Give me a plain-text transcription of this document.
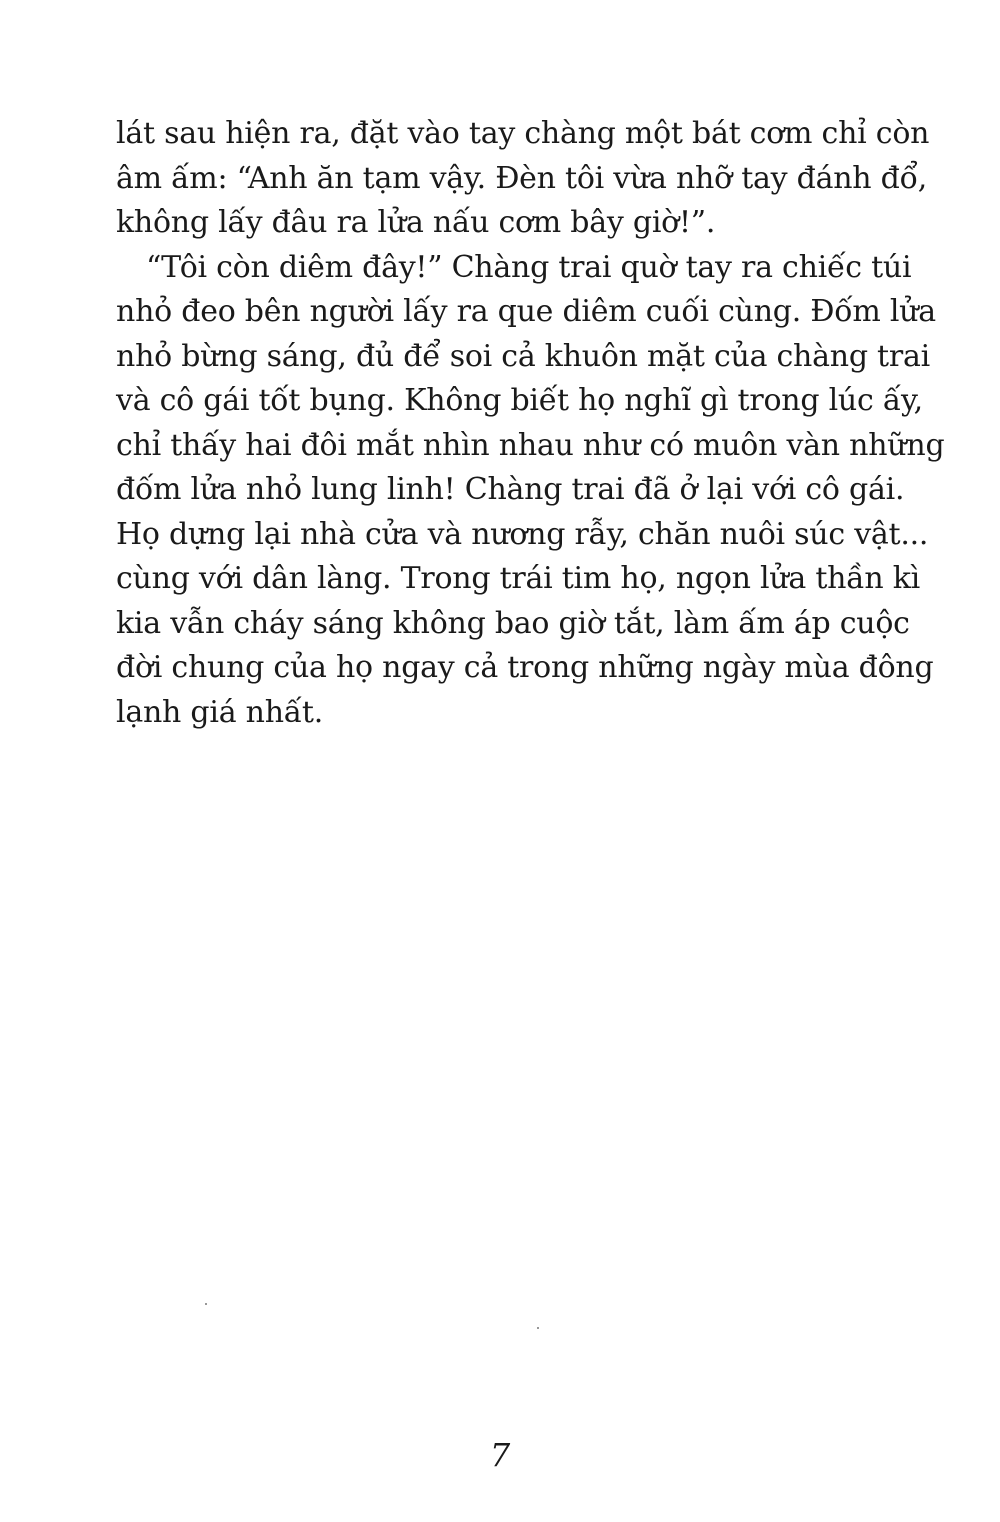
lát sau hiện ra, đặt vào tay chàng một bát cơm chỉ còn
âm ấm: “Anh ăn tạm vậy. Đèn tôi vừa nhỡ tay đánh đổ,
không lấy đâu ra lửa nấu cơm bây giờ!”.
“Tôi còn diêm đây!” Chàng trai quờ tay ra chiếc túi
nhỏ đeo bên người lấy ra que diêm cuối cùng. Đốm lửa
nhỏ bừng sáng, đủ để soi cả khuôn mặt của chàng trai
và cô gái tốt bụng. Không biết họ nghĩ gì trong lúc ấy,
chỉ thấy hai đôi mắt nhìn nhau như có muôn vàn những
đốm lửa nhỏ lung linh! Chàng trai đã ở lại với cô gái.
Họ dựng lại nhà cửa và nương rẫy, chăn nuôi súc vật...
cùng với dân làng. Trong trái tim họ, ngọn lửa thần kì
kia vẫn cháy sáng không bao giờ tắt, làm ấm áp cuộc
đời chung của họ ngay cả trong những ngày mùa đông
lạnh giá nhất.
7
